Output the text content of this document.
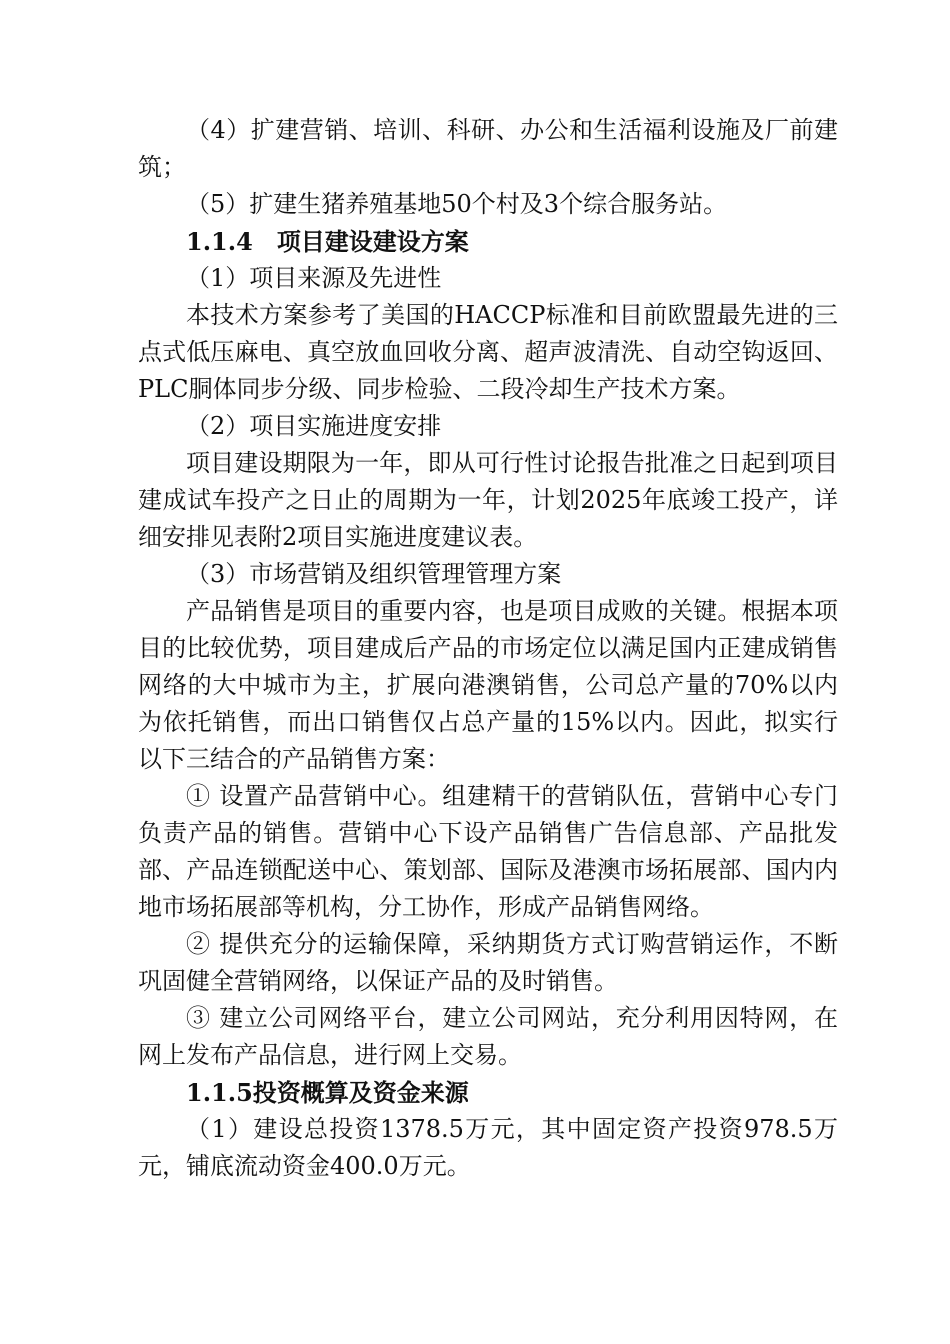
（4）扩建营销、培训、科研、办公和生活福利设施及厂前建筑；

（5）扩建生猪养殖基地50个村及3个综合服务站。

1.1.4 项目建设建设方案

（1）项目来源及先进性

本技术方案参考了美国的HACCP标准和目前欧盟最先进的三点式低压麻电、真空放血回收分离、超声波清洗、自动空钩返回、PLC胴体同步分级、同步检验、二段冷却生产技术方案。

（2）项目实施进度安排

项目建设期限为一年，即从可行性讨论报告批准之日起到项目建成试车投产之日止的周期为一年，计划2025年底竣工投产，详细安排见表附2项目实施进度建议表。

（3）市场营销及组织管理管理方案

产品销售是项目的重要内容，也是项目成败的关键。根据本项目的比较优势，项目建成后产品的市场定位以满足国内正建成销售网络的大中城市为主，扩展向港澳销售，公司总产量的70%以内为依托销售，而出口销售仅占总产量的15%以内。因此，拟实行以下三结合的产品销售方案：

① 设置产品营销中心。组建精干的营销队伍，营销中心专门负责产品的销售。营销中心下设产品销售广告信息部、产品批发部、产品连锁配送中心、策划部、国际及港澳市场拓展部、国内内地市场拓展部等机构，分工协作，形成产品销售网络。

② 提供充分的运输保障，采纳期货方式订购营销运作，不断巩固健全营销网络，以保证产品的及时销售。

③ 建立公司网络平台，建立公司网站，充分利用因特网，在网上发布产品信息，进行网上交易。

1.1.5投资概算及资金来源

（1）建设总投资1378.5万元，其中固定资产投资978.5万元，铺底流动资金400.0万元。
